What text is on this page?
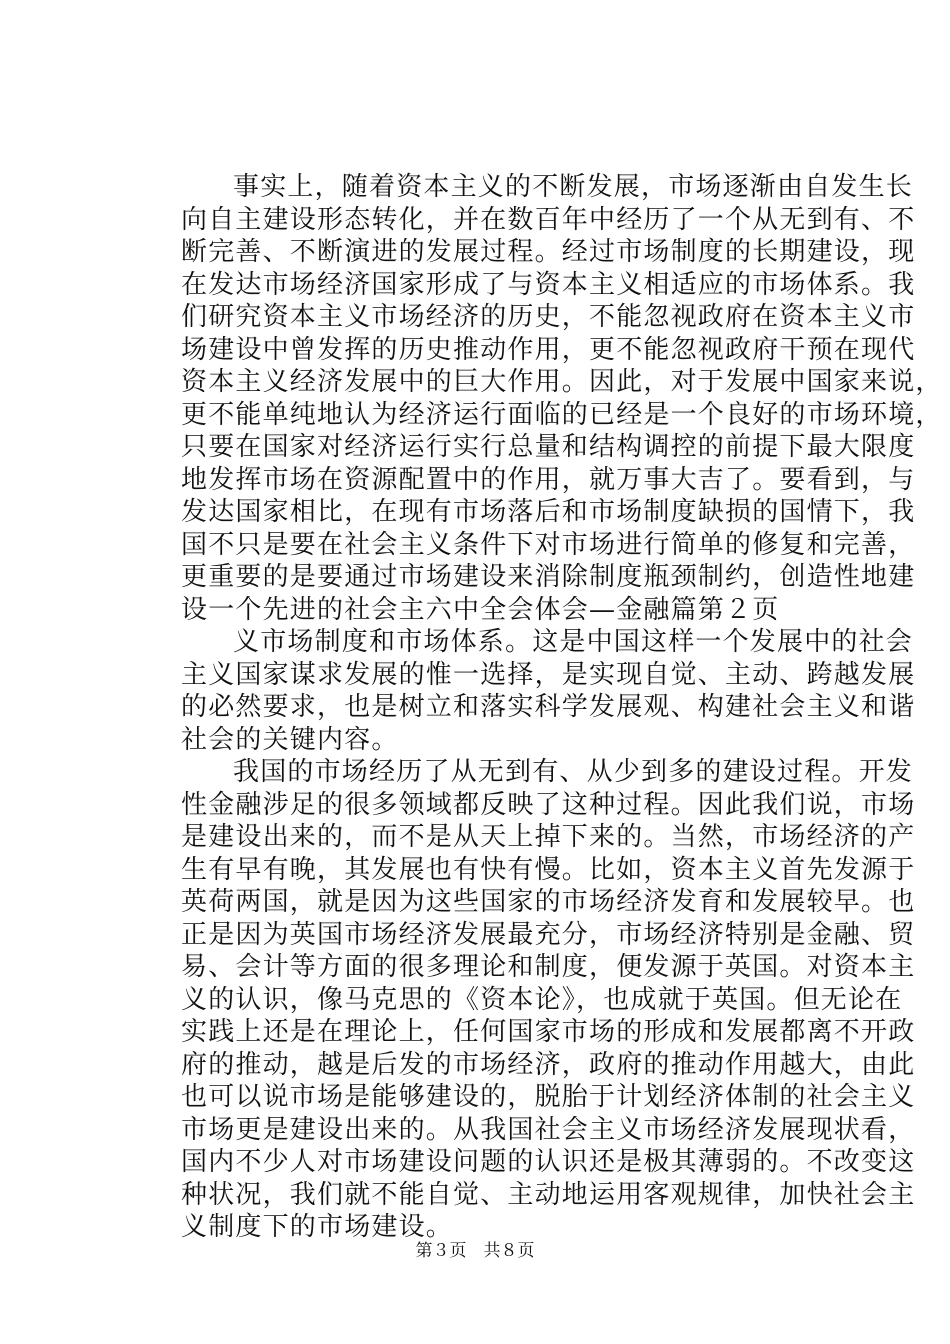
事实上，随着资本主义的不断发展，市场逐渐由自发生长
向自主建设形态转化，并在数百年中经历了一个从无到有、不
断完善、不断演进的发展过程。经过市场制度的长期建设，现
在发达市场经济国家形成了与资本主义相适应的市场体系。我
们研究资本主义市场经济的历史，不能忽视政府在资本主义市
场建设中曾发挥的历史推动作用，更不能忽视政府干预在现代
资本主义经济发展中的巨大作用。因此，对于发展中国家来说，
更不能单纯地认为经济运行面临的已经是一个良好的市场环境，
只要在国家对经济运行实行总量和结构调控的前提下最大限度
地发挥市场在资源配置中的作用，就万事大吉了。要看到，与
发达国家相比，在现有市场落后和市场制度缺损的国情下，我
国不只是要在社会主义条件下对市场进行简单的修复和完善，
更重要的是要通过市场建设来消除制度瓶颈制约，创造性地建
设一个先进的社会主六中全会体会—金融篇第２页
义市场制度和市场体系。这是中国这样一个发展中的社会
主义国家谋求发展的惟一选择，是实现自觉、主动、跨越发展
的必然要求，也是树立和落实科学发展观、构建社会主义和谐
社会的关键内容。
我国的市场经历了从无到有、从少到多的建设过程。开发
性金融涉足的很多领域都反映了这种过程。因此我们说，市场
是建设出来的，而不是从天上掉下来的。当然，市场经济的产
生有早有晚，其发展也有快有慢。比如，资本主义首先发源于
英荷两国，就是因为这些国家的市场经济发育和发展较早。也
正是因为英国市场经济发展最充分，市场经济特别是金融、贸
易、会计等方面的很多理论和制度，便发源于英国。对资本主
义的认识，像马克思的《资本论》，也成就于英国。但无论在
实践上还是在理论上，任何国家市场的形成和发展都离不开政
府的推动，越是后发的市场经济，政府的推动作用越大，由此
也可以说市场是能够建设的，脱胎于计划经济体制的社会主义
市场更是建设出来的。从我国社会主义市场经济发展现状看，
国内不少人对市场建设问题的认识还是极其薄弱的。不改变这
种状况，我们就不能自觉、主动地运用客观规律，加快社会主
义制度下的市场建设。
第３页　共８页
